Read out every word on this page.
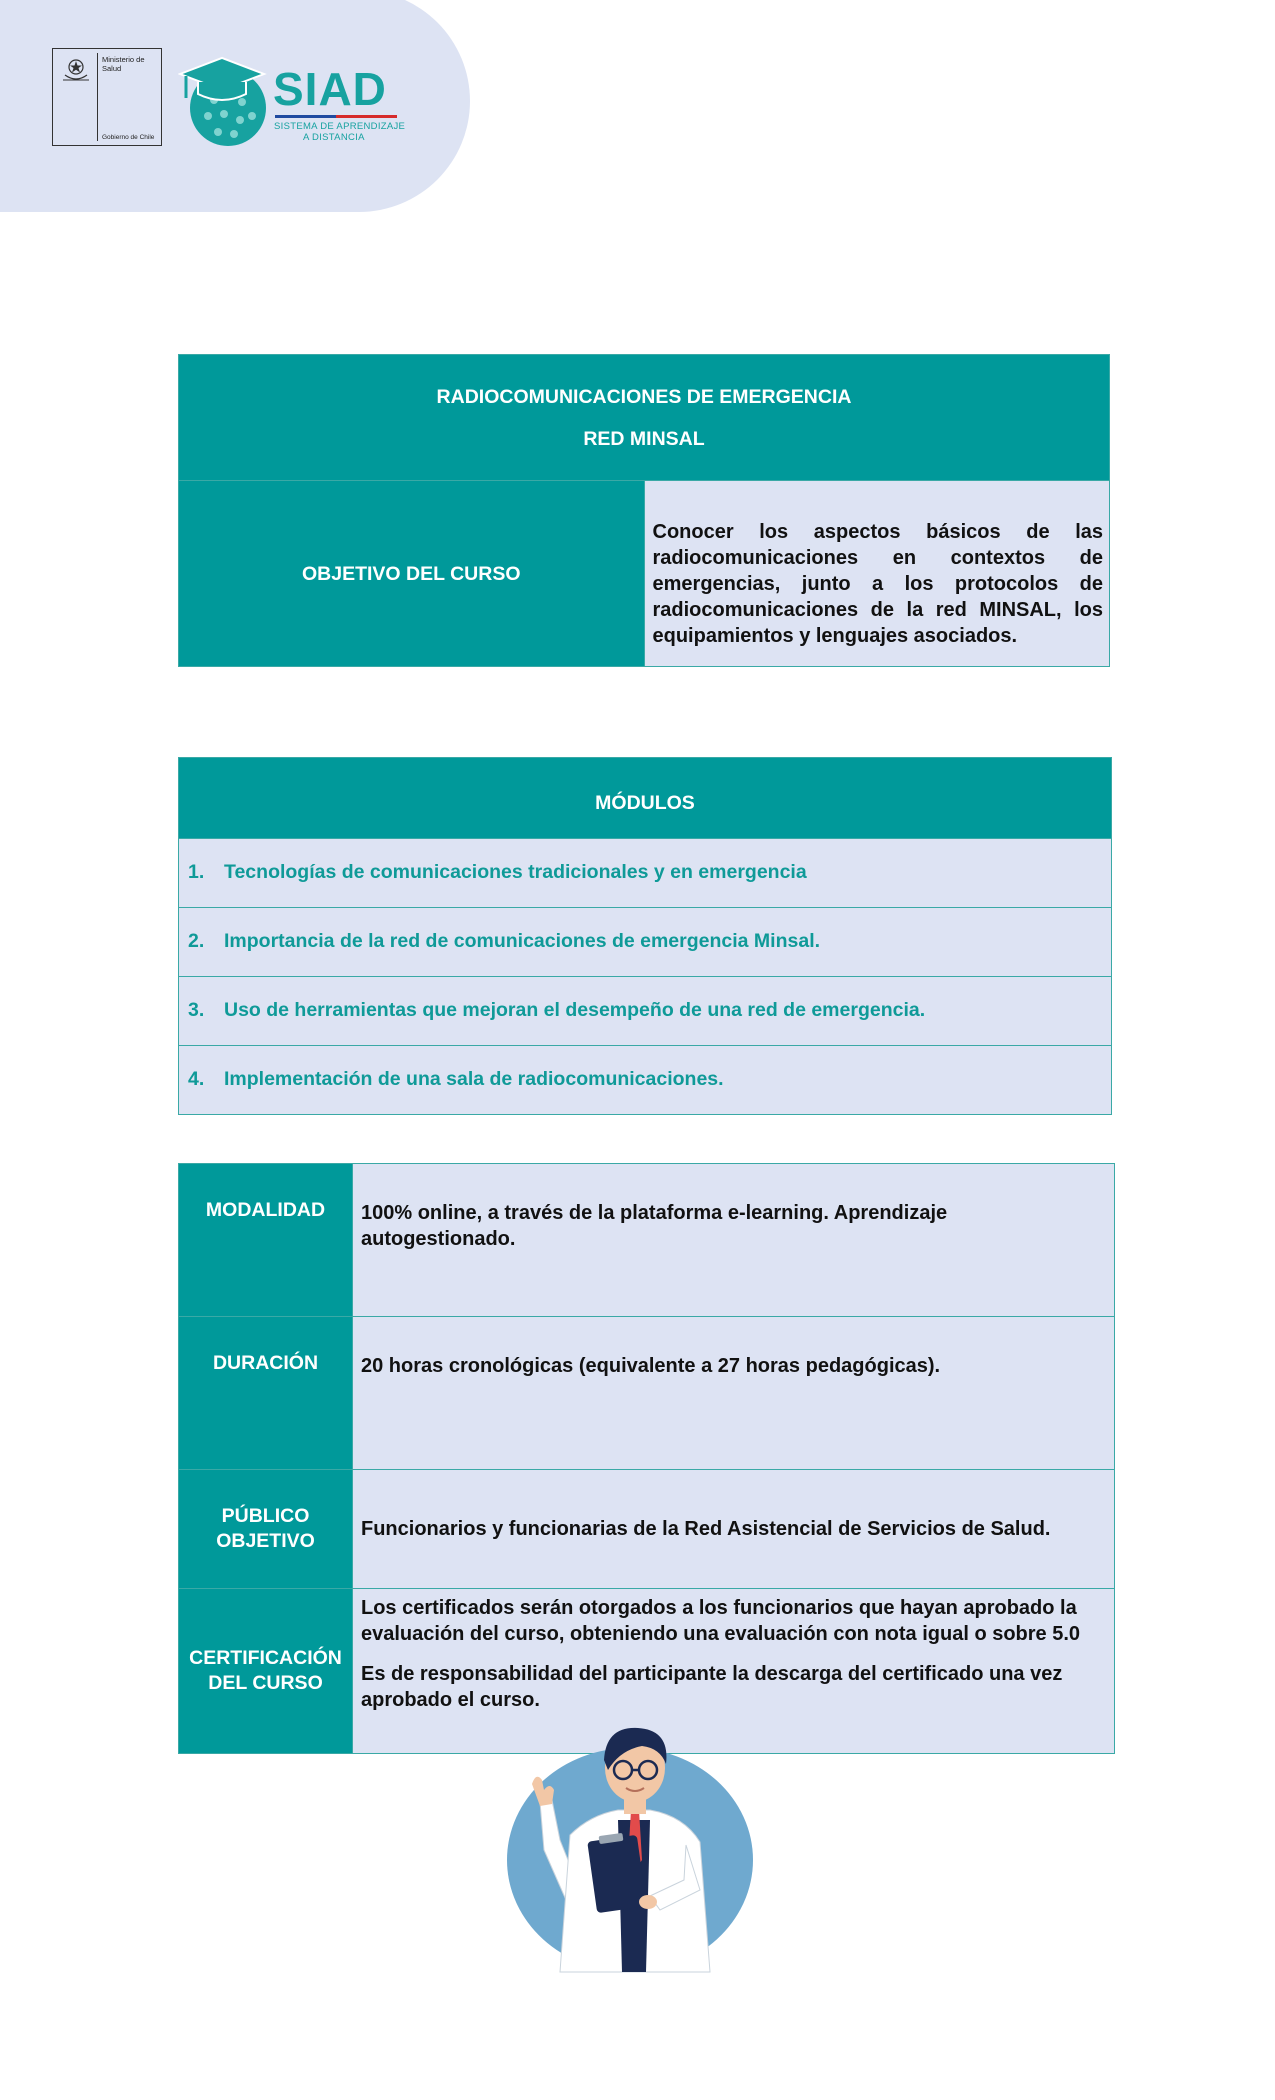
Ministerio de
Salud
Gobierno de Chile
SIAD
SISTEMA DE APRENDIZAJE
A DISTANCIA
RADIOCOMUNICACIONES DE EMERGENCIA
RED MINSAL

OBJETIVO DEL CURSO	Conocer los aspectos básicos de las radiocomunicaciones en contextos de emergencias, junto a los protocolos de radiocomunicaciones de la red MINSAL, los equipamientos y lenguajes asociados.
MÓDULOS
1. Tecnologías de comunicaciones tradicionales y en emergencia
2. Importancia de la red de comunicaciones de emergencia Minsal.
3. Uso de herramientas que mejoran el desempeño de una red de emergencia.
4. Implementación de una sala de radiocomunicaciones.
MODALIDAD	100% online, a través de la plataforma e-learning. Aprendizaje autogestionado.
DURACIÓN	20 horas cronológicas (equivalente a 27 horas pedagógicas).
PÚBLICO OBJETIVO	Funcionarios y funcionarias de la Red Asistencial de Servicios de Salud.
CERTIFICACIÓN DEL CURSO	Los certificados serán otorgados a los funcionarios que hayan aprobado la evaluación del curso, obteniendo una evaluación con nota igual o sobre 5.0

Es de responsabilidad del participante la descarga del certificado una vez aprobado el curso.
